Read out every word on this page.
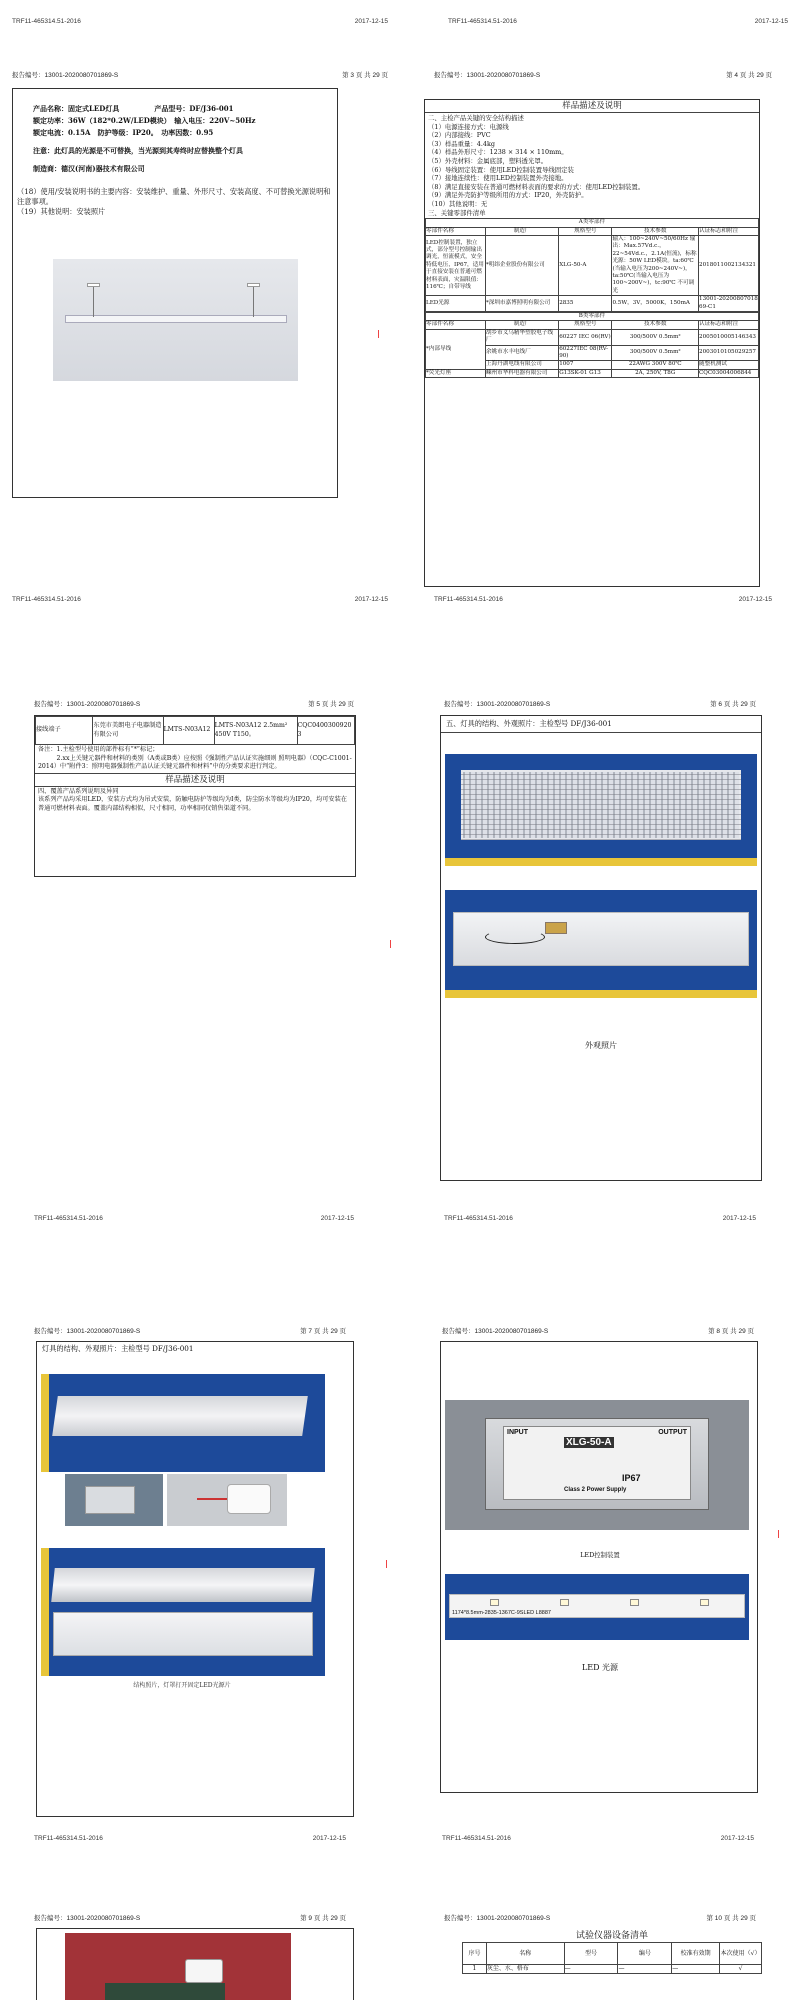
TRF11-465314.51-2016	2017-12-15
报告编号：13001-2020080701869-S	第 3 页 共 29 页
产品名称：固定式LED灯具　　　　　产品型号：DF/J36-001
额定功率：36W（182*0.2W/LED模块）　输入电压：220V~50Hz
额定电流：0.15A　防护等级：IP20。　功率因数：0.95
注意：此灯具的光源是不可替换，当光源到其寿终时应替换整个灯具
制造商：德汉(河南)器技术有限公司
（18）使用/安装说明书的主要内容：安装维护、重量、外形尺寸、安装高度、不可替换光源说明和注意事项。
（19）其他说明：安装照片
TRF11-465314.51-2016	2017-12-15
TRF11-465314.51-2016	2017-12-15
报告编号：13001-2020080701869-S	第 4 页 共 29 页
样品描述及说明
二、主检产品关键的安全结构描述
（1）电源连接方式：电源线
（2）内部接线：PVC
（3）样品重量：4.4kg
（4）样品外形尺寸：1238 × 314 × 110mm。
（5）外壳材料：金属底部，塑料透光罩。
（6）导线固定装置：使用LED控制装置导线固定装
（7）接地连续性：使用LED控制装置外壳接地。
（8）满足直接安装在普通可燃材料表面的要求的方式：使用LED控制装置。
（9）满足外壳防护等级所用的方式：IP20，外壳防护。
（10）其他说明：无
三、关键零部件清单
A类零部件				
零部件名称	制造厂	规格型号	技术参数	认证标志和附注
LED控制装置，独立式，部分型号控制输出调光，恒流模式，安全特低电压，IP67，适用于直接安装在普通可燃材料表面，灾温限值：116℃；自带导线	*明纬企业股份有限公司	XLG-50-A	输入：100~240V~50/60Hz 输出：Max.57Vd.c.，22~54Vd.c.，2.1A(恒流)，标称光源：50W LED模块。ta:60℃(当输入电压为200~240V~)，ta:50℃(当输入电压为100~200V~)，tc:90℃ 不可调光	2018011002134321
LED光源	*深圳市嘉博照明有限公司	2835	0.5W，3V，5000K，150mA	13001-2020080701869-C1
B类零部件				
零部件名称	制造厂	规格型号	技术参数	认证标志和附注
*内部导线	胡乡市义乌精华塑胶电子线厂	60227 IEC 06(RV)	300/500V 0.5mm²	2005010005146343
	余姚市水丰电线厂	60227IEC 08(RV-90)	300/500V 0.5mm²	2003010105029257
	上海丹湖电线有限公司	1007	22AWG 300V 80℃	随整机测试
*荧光灯座	嵊州市华科电器有限公司	G13SK-01 G13	2A, 250V, T8G	CQC03004006844
TRF11-465314.51-2016	2017-12-15
报告编号：13001-2020080701869-S	第 5 页 共 29 页
接线端子	东莞市美朗电子电器制造有限公司	LMTS-N03A12	LMTS-N03A12 2.5mm² 450V T150。	CQC04003009203
备注：1.主检型号使用的部件标有“*”标记；
　　　2.xx上关键元器件和材料的类别（A类或B类）应按照《强制性产品认证实施细则 照明电器》（CQC-C1001-2014）中“附件3：照明电器强制性产品认证关键元器件和材料”中的分类要求进行判定。
样品描述及说明
四、覆盖产品系列说明及异同
该系列产品均采用LED，安装方式均为吊式安装，防触电防护等级均为I类，防尘防水等级均为IP20，均可安装在普通可燃材料表面。覆盖内部结构相似，尺寸相同，功率相同仅销售渠道不同。
TRF11-465314.51-2016	2017-12-15
报告编号：13001-2020080701869-S	第 6 页 共 29 页
五、灯具的结构、外观照片：主检型号 DF/J36-001
外观照片
TRF11-465314.51-2016	2017-12-15
报告编号：13001-2020080701869-S	第 7 页 共 29 页
灯具的结构、外观照片：主检型号 DF/J36-001
结构照片，灯罩打开固定LED光源片
TRF11-465314.51-2016	2017-12-15
报告编号：13001-2020080701869-S	第 8 页 共 29 页
INPUT	OUTPUT
XLG-50-A
IP67
Class 2 Power Supply
LED控制装置
1174*8.5mm-2835-1367C-9SLED L8887
LED 光源
TRF11-465314.51-2016	2017-12-15
报告编号：13001-2020080701869-S	第 9 页 共 29 页	报告编号：13001-2020080701869-S	第 10 页 共 29 页
试验仪器设备清单
序号	名称	型号	编号	校准有效期	本次使用（√）
1	灰尘、水、格布	—	—	—	√
